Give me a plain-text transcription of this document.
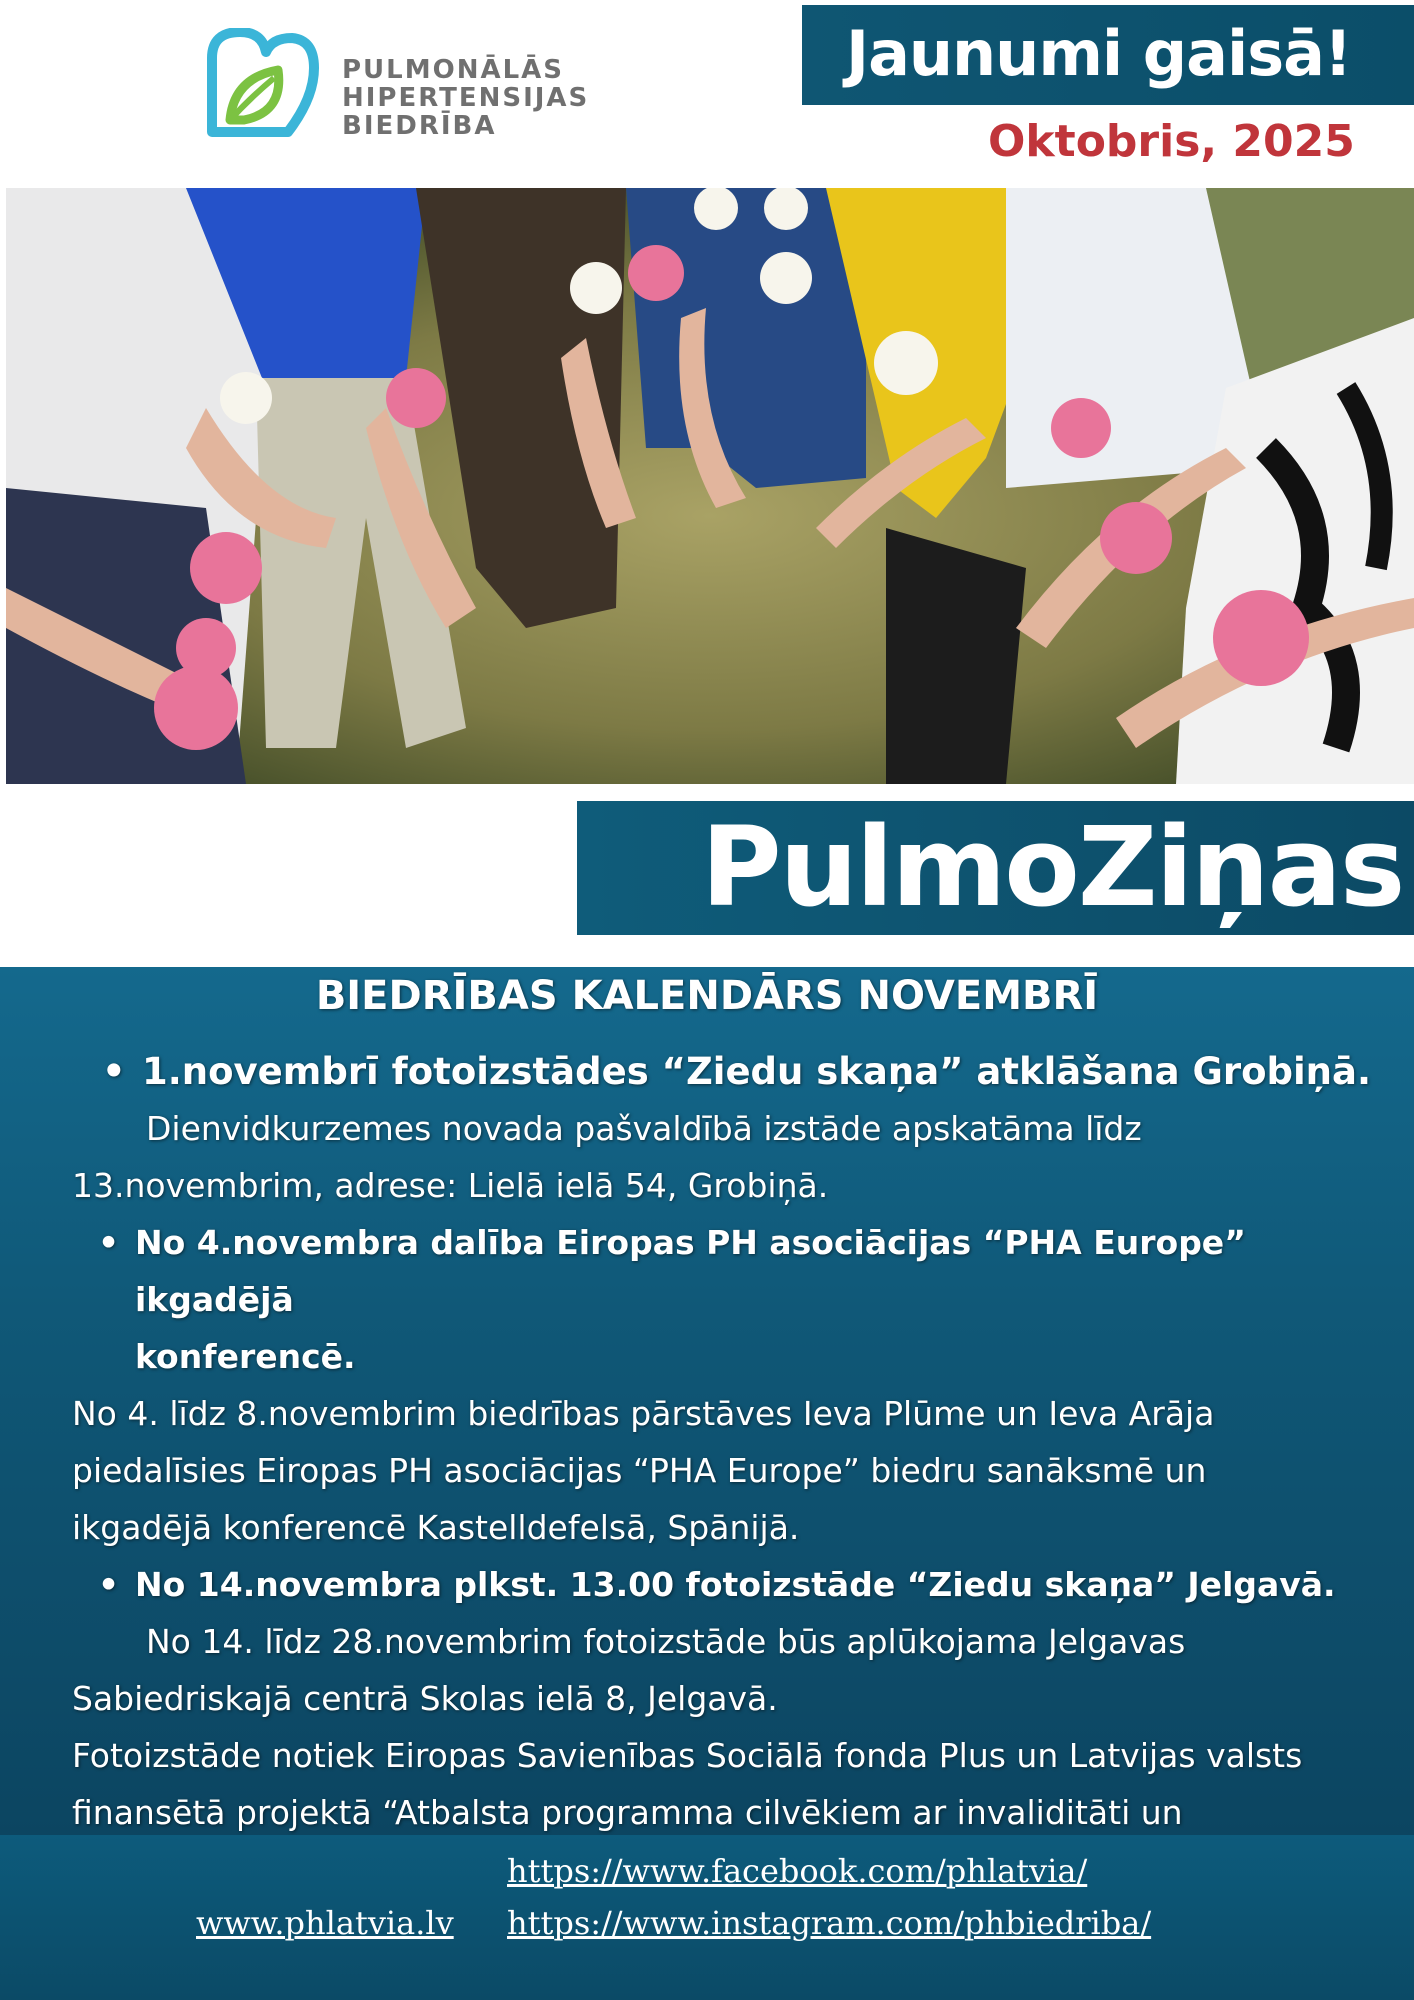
PULMONĀLĀS
HIPERTENSIJAS
BIEDRĪBA
Jaunumi gaisā!
Oktobris, 2025
PulmoZiņas
BIEDRĪBAS KALENDĀRS NOVEMBRĪ
• 1.novembrī fotoizstādes “Ziedu skaņa” atklāšana Grobiņā.
Dienvidkurzemes novada pašvaldībā izstāde apskatāma līdz
13.novembrim, adrese: Lielā ielā 54, Grobiņā.
• No 4.novembra dalība Eiropas PH asociācijas “PHA Europe” ikgadējā
konferencē.
No 4. līdz 8.novembrim biedrības pārstāves Ieva Plūme un Ieva Arāja
piedalīsies Eiropas PH asociācijas “PHA Europe” biedru sanāksmē un
ikgadējā konferencē Kastelldefelsā, Spānijā.
• No 14.novembra plkst. 13.00 fotoizstāde “Ziedu skaņa” Jelgavā.
No 14. līdz 28.novembrim fotoizstāde būs aplūkojama Jelgavas
Sabiedriskajā centrā Skolas ielā 8, Jelgavā.
Fotoizstāde notiek Eiropas Savienības Sociālā fonda Plus un Latvijas valsts
finansētā projektā “Atbalsta programma cilvēkiem ar invaliditāti un
www.phlatvia.lv
https://www.facebook.com/phlatvia/
https://www.instagram.com/phbiedriba/
